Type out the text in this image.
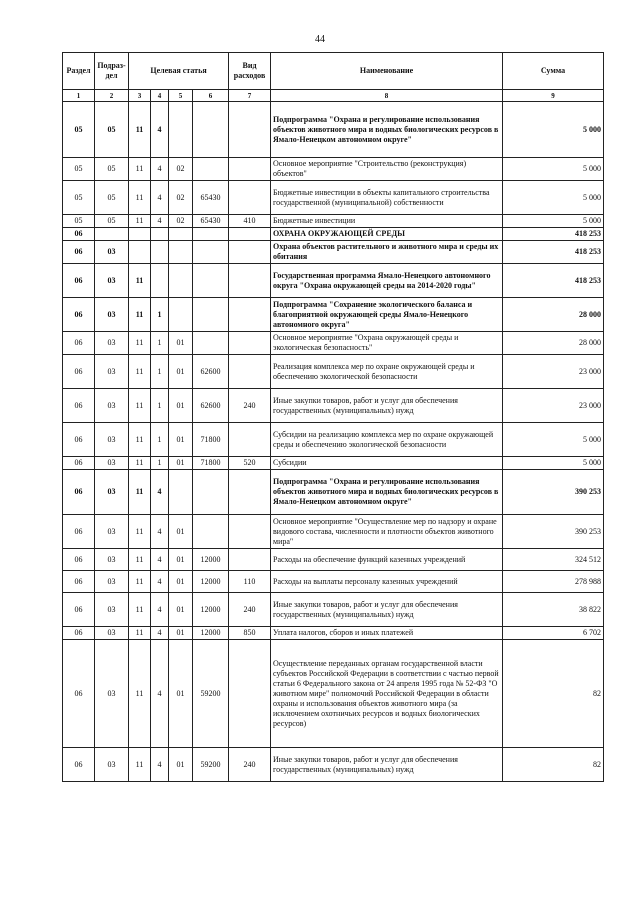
44
Раздел	Подраз-дел	Целевая статья				Вид расходов	Наименование	Сумма
1	2	3	4	5	6	7	8	9
05	05	11	4				Подпрограмма "Охрана и регулирование использования объектов животного мира и водных биологических ресурсов в Ямало-Ненецком автономном округе"	5 000
05	05	11	4	02			Основное мероприятие "Строительство (реконструкция) объектов"	5 000
05	05	11	4	02	65430		Бюджетные инвестиции в объекты капитального строительства государственной (муниципальной) собственности	5 000
05	05	11	4	02	65430	410	Бюджетные инвестиции	5 000
06							ОХРАНА ОКРУЖАЮЩЕЙ СРЕДЫ	418 253
06	03						Охрана объектов растительного и животного мира и среды их обитания	418 253
06	03	11					Государственная программа Ямало-Ненецкого автономного округа "Охрана окружающей среды на 2014-2020 годы"	418 253
06	03	11	1				Подпрограмма "Сохранение экологического баланса и благоприятной окружающей среды Ямало-Ненецкого автономного округа"	28 000
06	03	11	1	01			Основное мероприятие "Охрана окружающей среды и экологическая безопасность"	28 000
06	03	11	1	01	62600		Реализация комплекса мер по охране окружающей среды и обеспечению экологической безопасности	23 000
06	03	11	1	01	62600	240	Иные закупки товаров, работ и услуг для обеспечения государственных (муниципальных) нужд	23 000
06	03	11	1	01	71800		Субсидии на реализацию комплекса мер по охране окружающей среды и обеспечению экологической безопасности	5 000
06	03	11	1	01	71800	520	Субсидии	5 000
06	03	11	4				Подпрограмма "Охрана и регулирование использования объектов животного мира и водных биологических ресурсов в Ямало-Ненецком автономном округе"	390 253
06	03	11	4	01			Основное мероприятие "Осуществление мер по надзору и охране видового состава, численности и плотности объектов животного мира"	390 253
06	03	11	4	01	12000		Расходы на обеспечение функций казенных учреждений	324 512
06	03	11	4	01	12000	110	Расходы на выплаты персоналу казенных учреждений	278 988
06	03	11	4	01	12000	240	Иные закупки товаров, работ и услуг для обеспечения государственных (муниципальных) нужд	38 822
06	03	11	4	01	12000	850	Уплата налогов, сборов и иных платежей	6 702
06	03	11	4	01	59200		Осуществление переданных органам государственной власти субъектов Российской Федерации в соответствии с частью первой статьи 6 Федерального закона от 24 апреля 1995 года № 52-ФЗ "О животном мире" полномочий Российской Федерации в области охраны и использования объектов животного мира (за исключением охотничьих ресурсов и водных биологических ресурсов)	82
06	03	11	4	01	59200	240	Иные закупки товаров, работ и услуг для обеспечения государственных (муниципальных) нужд	82
